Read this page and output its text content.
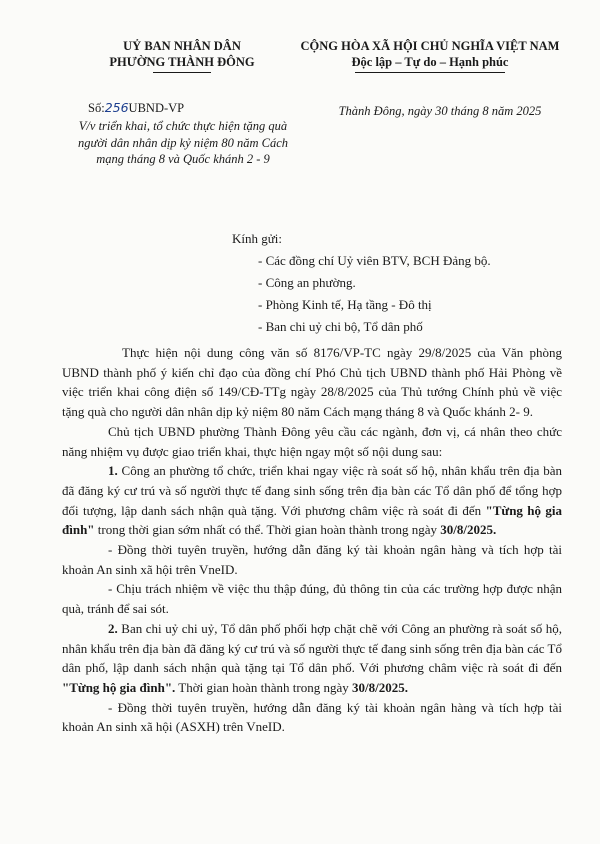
UỶ BAN NHÂN DÂN
PHƯỜNG THÀNH ĐÔNG
CỘNG HÒA XÃ HỘI CHỦ NGHĨA VIỆT NAM
Độc lập – Tự do – Hạnh phúc
Số:256UBND-VP
V/v triển khai, tổ chức thực hiện tặng quà người dân nhân dịp kỷ niệm 80 năm Cách mạng tháng 8 và Quốc khánh 2 - 9
Thành Đông, ngày 30 tháng 8 năm 2025
Kính gửi:
- Các đồng chí Uỷ viên BTV, BCH Đảng bộ.
- Công an phường.
- Phòng Kinh tế, Hạ tầng - Đô thị
- Ban chi uỷ chi bộ, Tổ dân phố

Thực hiện nội dung công văn số 8176/VP-TC ngày 29/8/2025 của Văn phòng UBND thành phố ý kiến chỉ đạo của đồng chí Phó Chủ tịch UBND thành phố Hải Phòng về việc triển khai công điện số 149/CĐ-TTg ngày 28/8/2025 của Thủ tướng Chính phủ về việc tặng quà cho người dân nhân dịp kỷ niệm 80 năm Cách mạng tháng 8 và Quốc khánh 2- 9.

Chủ tịch UBND phường Thành Đông yêu cầu các ngành, đơn vị, cá nhân theo chức năng nhiệm vụ được giao triển khai, thực hiện ngay một số nội dung sau:

1. Công an phường tổ chức, triển khai ngay việc rà soát số hộ, nhân khẩu trên địa bàn đã đăng ký cư trú và số người thực tế đang sinh sống trên địa bàn các Tổ dân phố để tổng hợp đối tượng, lập danh sách nhận quà tặng. Với phương châm việc rà soát đi đến "Từng hộ gia đình" trong thời gian sớm nhất có thể. Thời gian hoàn thành trong ngày 30/8/2025.

- Đồng thời tuyên truyền, hướng dẫn đăng ký tài khoản ngân hàng và tích hợp tài khoản An sinh xã hội trên VneID.

- Chịu trách nhiệm về việc thu thập đúng, đủ thông tin của các trường hợp được nhận quà, tránh để sai sót.

2. Ban chi uỷ chi uỷ, Tổ dân phố phối hợp chặt chẽ với Công an phường rà soát số hộ, nhân khẩu trên địa bàn đã đăng ký cư trú và số người thực tế đang sinh sống trên địa bàn các Tổ dân phố, lập danh sách nhận quà tặng tại Tổ dân phố. Với phương châm việc rà soát đi đến "Từng hộ gia đình". Thời gian hoàn thành trong ngày 30/8/2025.

- Đồng thời tuyên truyền, hướng dẫn đăng ký tài khoản ngân hàng và tích hợp tài khoản An sinh xã hội (ASXH) trên VneID.
